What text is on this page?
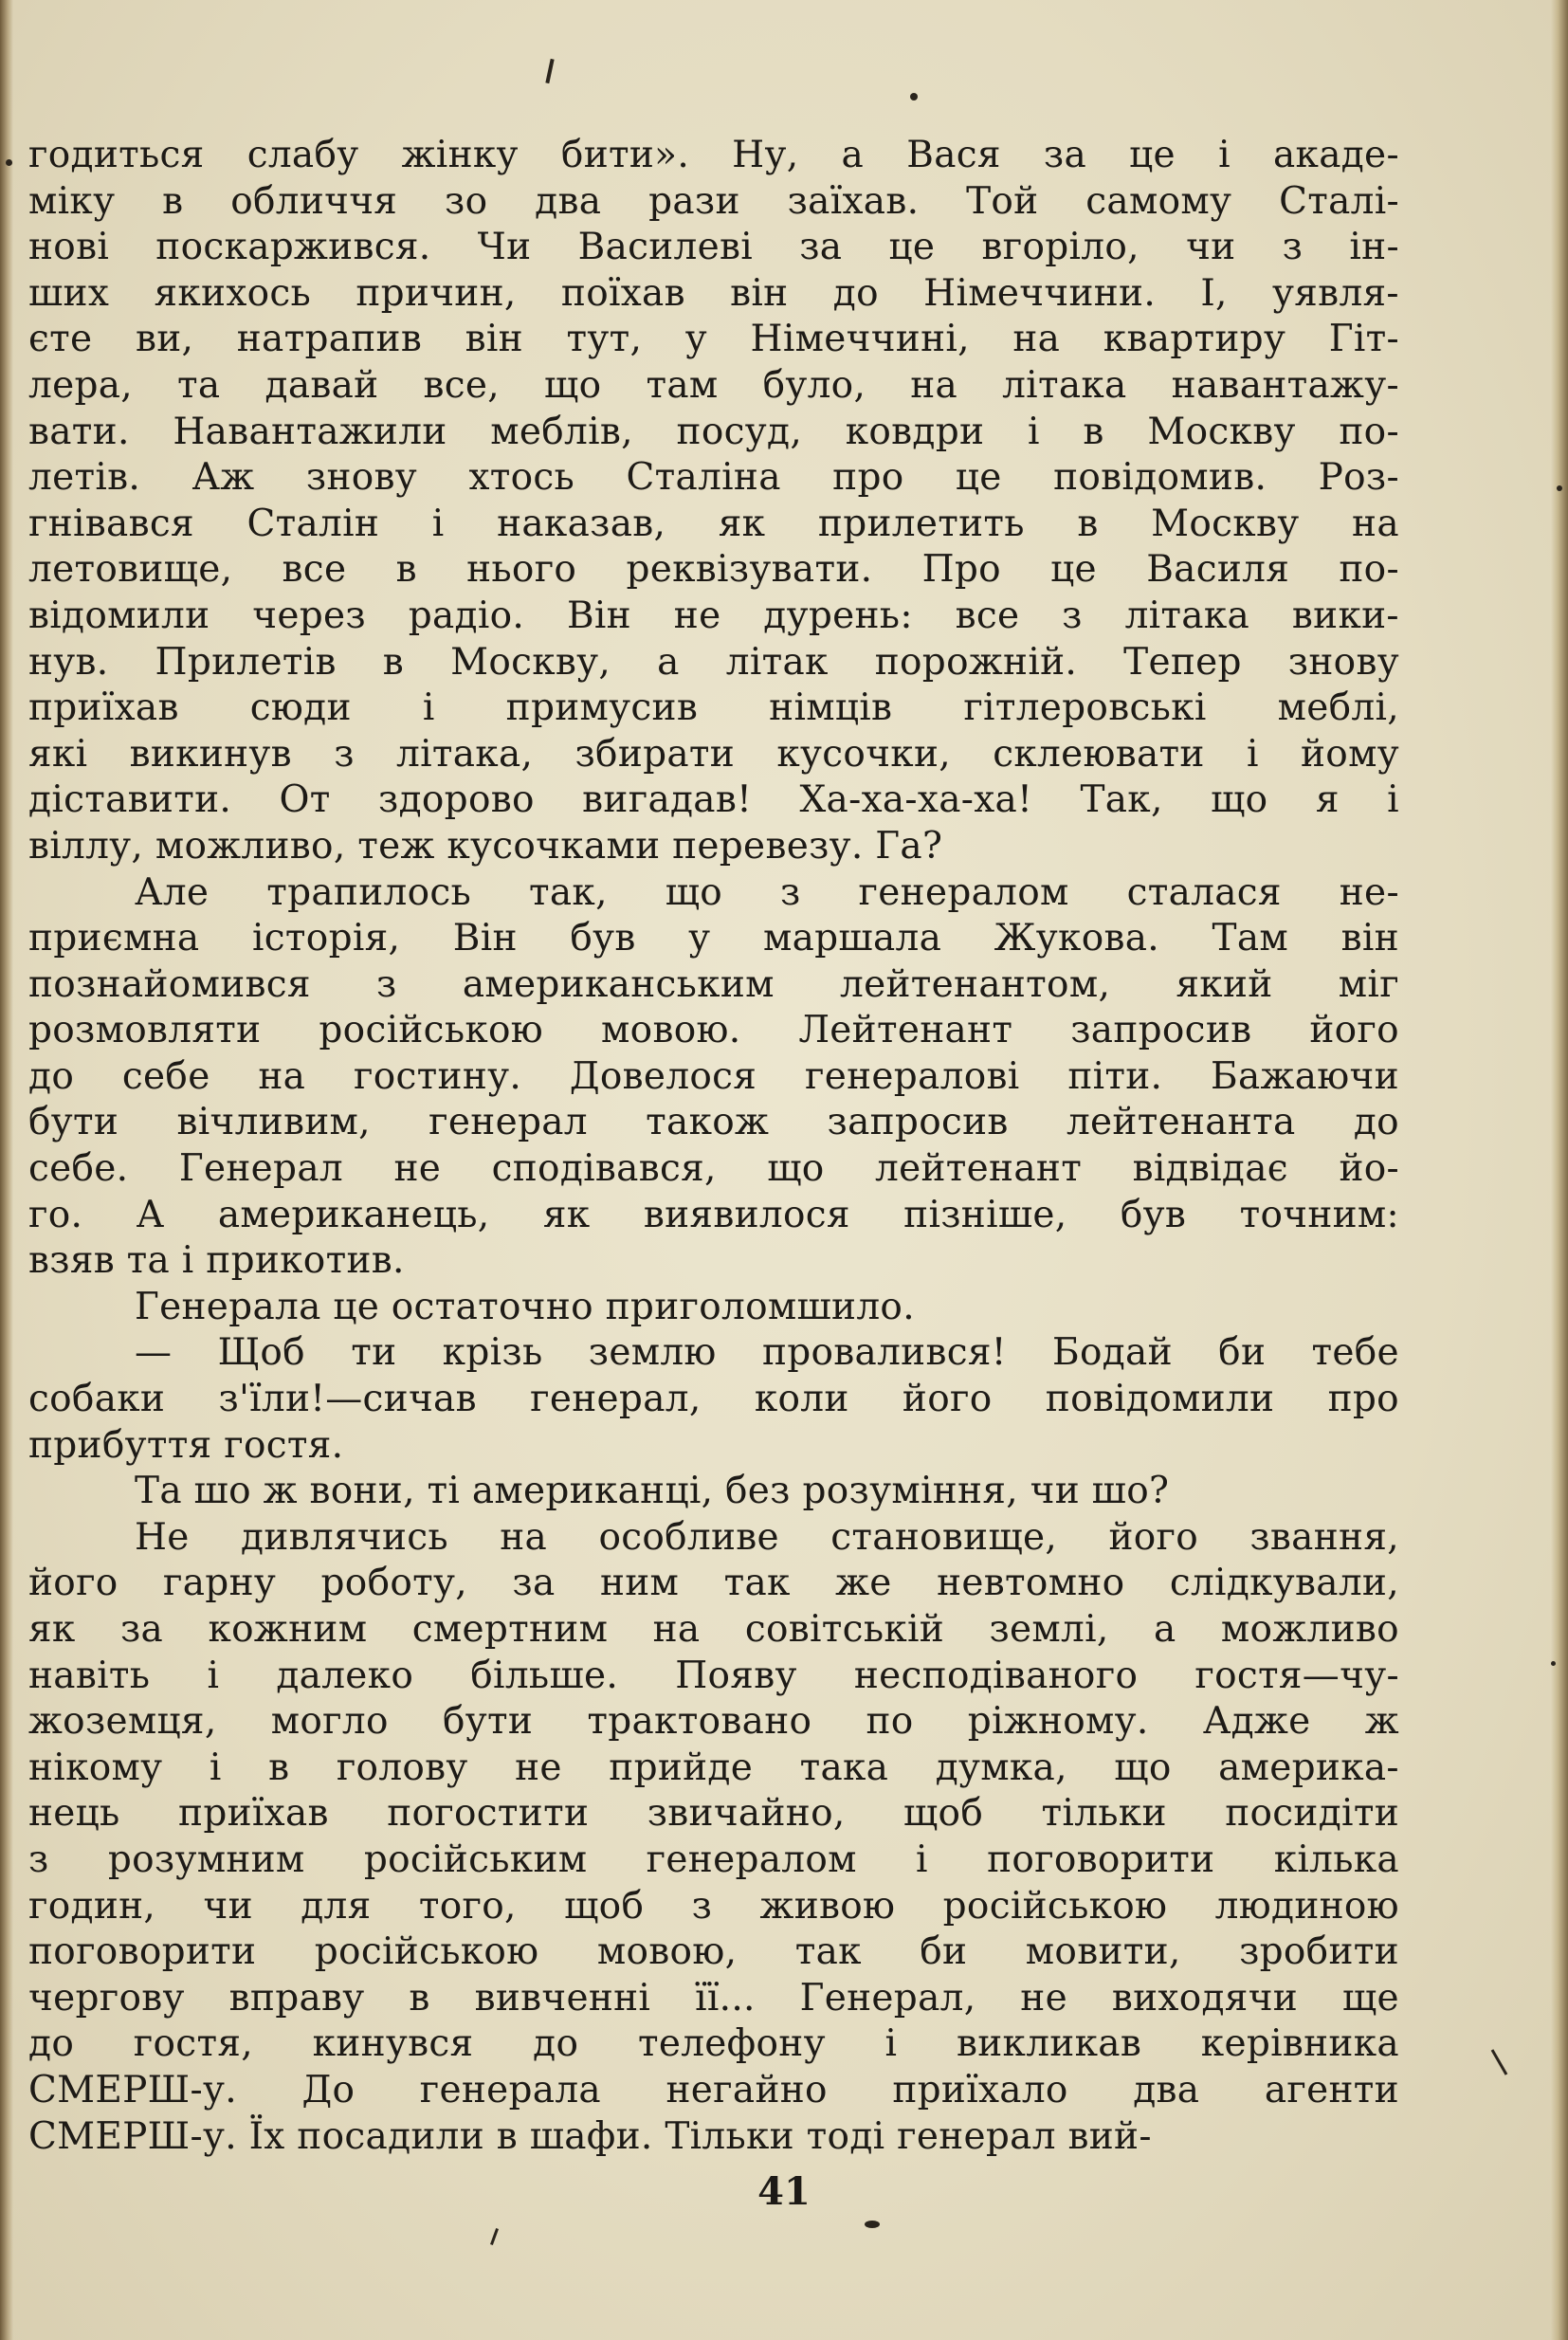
годиться слабу жінку бити». Ну, а Вася за це і акаде-
міку в обличчя зо два рази заїхав. Той самому Сталі-
нові поскаржився. Чи Василеві за це вгоріло, чи з ін-
ших якихось причин, поїхав він до Німеччини. І, уявля-
єте ви, натрапив він тут, у Німеччині, на квартиру Гіт-
лера, та давай все, що там було, на літака навантажу-
вати. Навантажили меблів, посуд, ковдри і в Москву по-
летів. Аж знову хтось Сталіна про це повідомив. Роз-
гнівався Сталін і наказав, як прилетить в Москву на
летовище, все в нього реквізувати. Про це Василя по-
відомили через радіо. Він не дурень: все з літака вики-
нув. Прилетів в Москву, а літак порожній. Тепер знову
приїхав сюди і примусив німців гітлеровські меблі,
які викинув з літака, збирати кусочки, склеювати і йому
діставити. От здорово вигадав! Ха-ха-ха-ха! Так, що я і
віллу, можливо, теж кусочками перевезу. Га?
Але трапилось так, що з генералом сталася не-
приємна історія, Він був у маршала Жукова. Там він
познайомився з американським лейтенантом, який міг
розмовляти російською мовою. Лейтенант запросив його
до себе на гостину. Довелося генералові піти. Бажаючи
бути вічливим, генерал також запросив лейтенанта до
себе. Генерал не сподівався, що лейтенант відвідає йо-
го. А американець, як виявилося пізніше, був точним:
взяв та і прикотив.
Генерала це остаточно приголомшило.
— Щоб ти крізь землю провалився! Бодай би тебе
собаки з'їли!—сичав генерал, коли його повідомили про
прибуття гостя.
Та шо ж вони, ті американці, без розуміння, чи шо?
Не дивлячись на особливе становище, його звання,
його гарну роботу, за ним так же невтомно слідкували,
як за кожним смертним на совітській землі, а можливо
навіть і далеко більше. Появу несподіваного гостя—чу-
жоземця, могло бути трактовано по ріжному. Адже ж
нікому і в голову не прийде така думка, що америка-
нець приїхав погостити звичайно, щоб тільки посидіти
з розумним російським генералом і поговорити кілька
годин, чи для того, щоб з живою російською людиною
поговорити російською мовою, так би мовити, зробити
чергову вправу в вивченні її... Генерал, не виходячи ще
до гостя, кинувся до телефону і викликав керівника
СМЕРШ-у. До генерала негайно приїхало два агенти
СМЕРШ-у. Їх посадили в шафи. Тільки тоді генерал вий-
41
